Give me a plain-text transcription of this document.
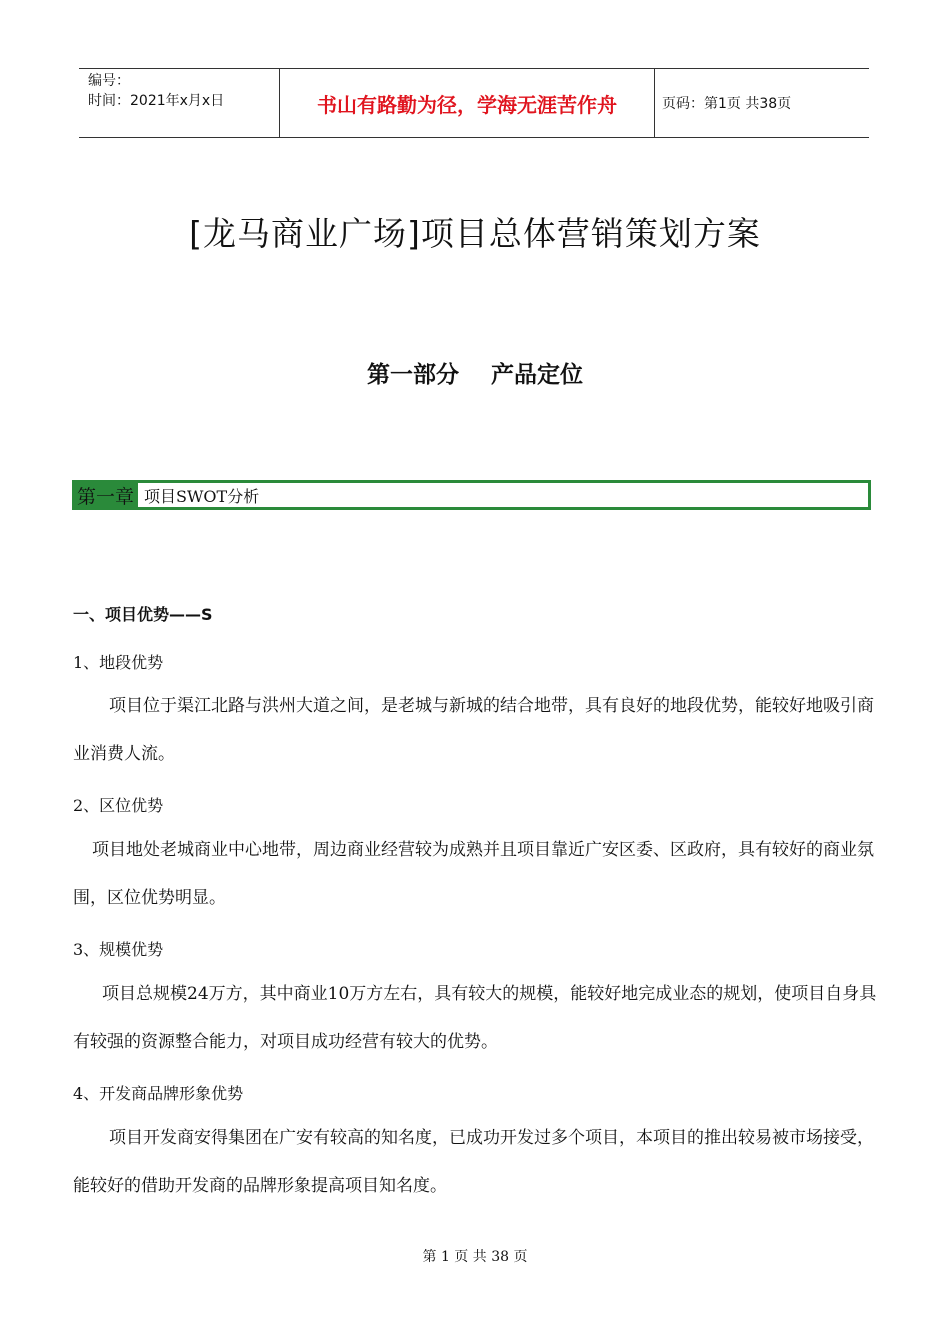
编号：
时间：2021年x月x日	书山有路勤为径，学海无涯苦作舟	页码：第1页 共38页
[龙马商业广场]项目总体营销策划方案
第一部分    产品定位
第一章 项目SWOT分析
一、项目优势——S
1、地段优势
项目位于渠江北路与洪州大道之间，是老城与新城的结合地带，具有良好的地段优势，能较好地吸引商业消费人流。
2、区位优势
项目地处老城商业中心地带，周边商业经营较为成熟并且项目靠近广安区委、区政府，具有较好的商业氛围，区位优势明显。
3、规模优势
项目总规模24万方，其中商业10万方左右，具有较大的规模，能较好地完成业态的规划，使项目自身具有较强的资源整合能力，对项目成功经营有较大的优势。
4、开发商品牌形象优势
项目开发商安得集团在广安有较高的知名度，已成功开发过多个项目，本项目的推出较易被市场接受，能较好的借助开发商的品牌形象提高项目知名度。
第 1 页 共 38 页
